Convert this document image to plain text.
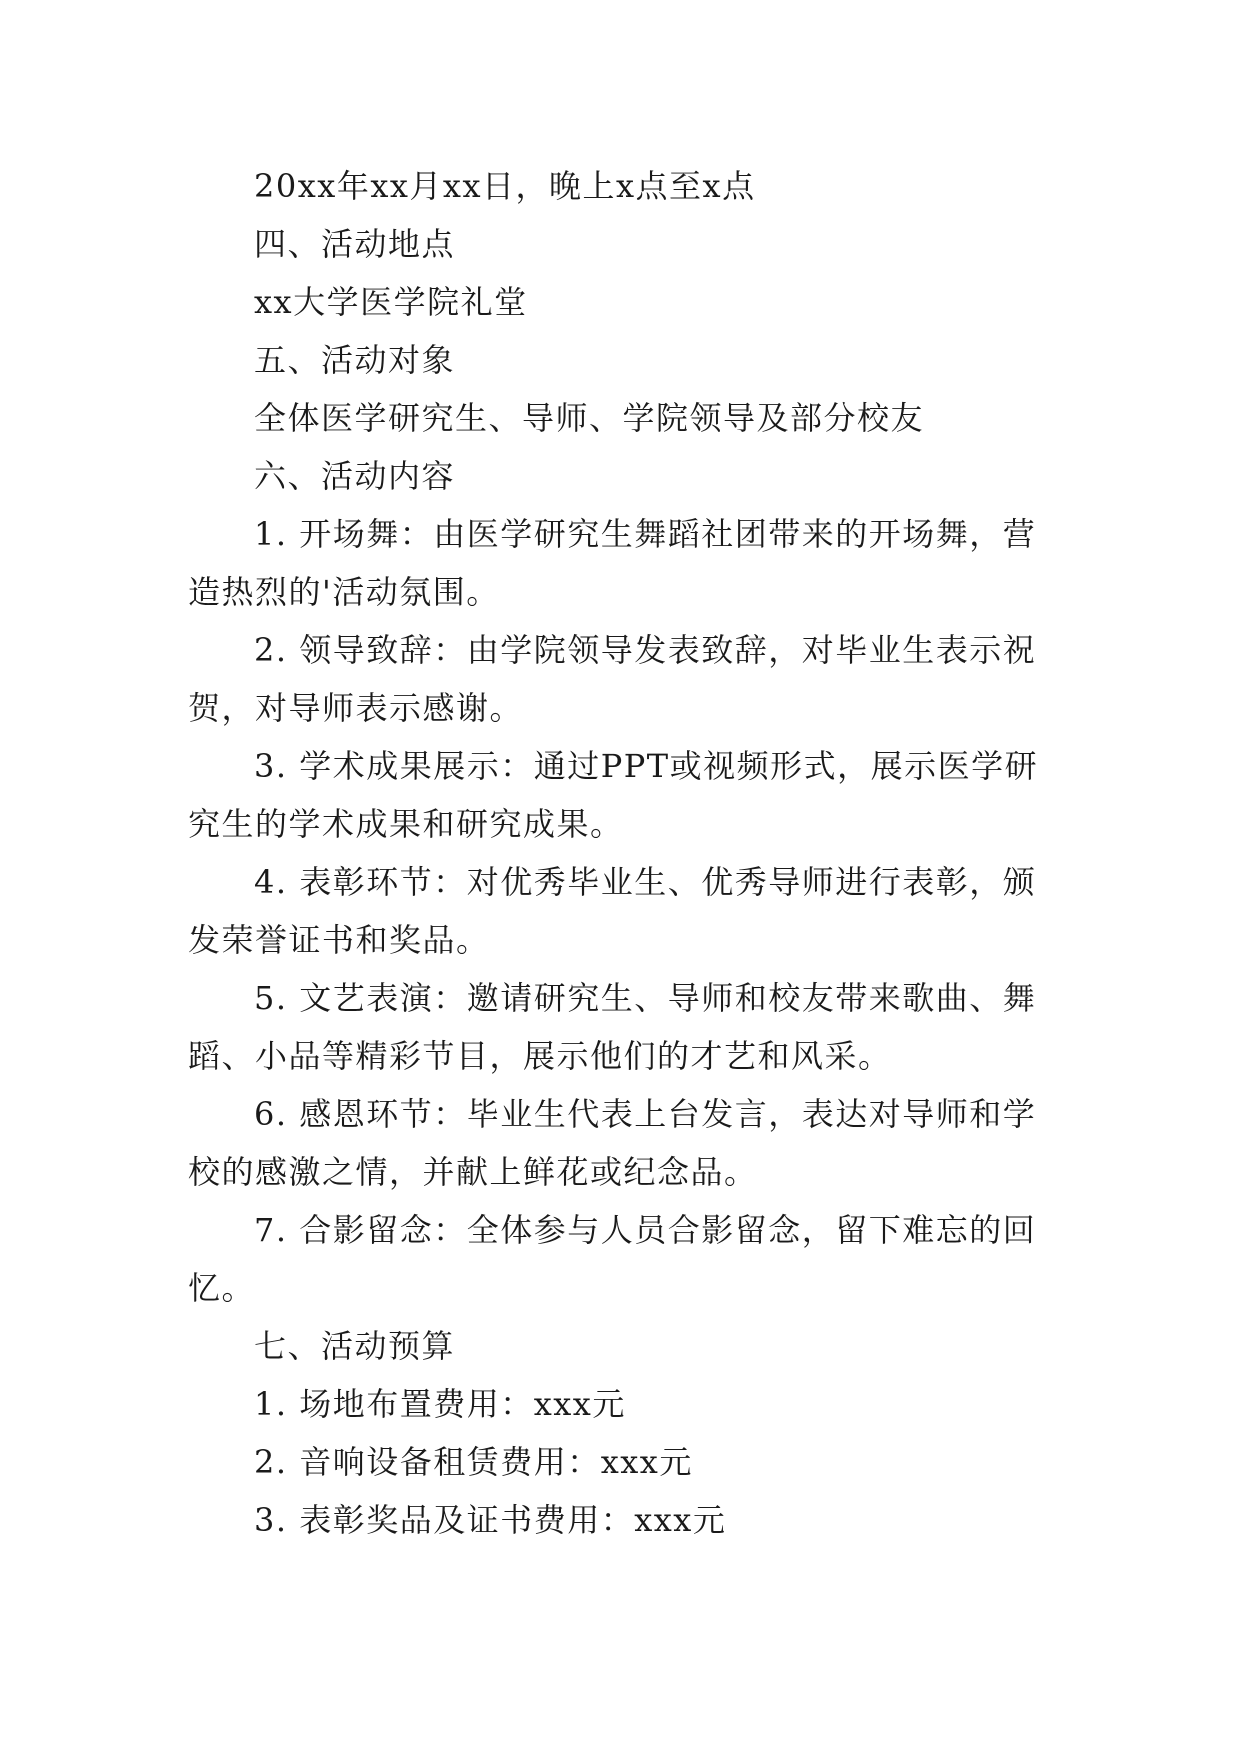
20xx年xx月xx日，晚上x点至x点
四、活动地点
xx大学医学院礼堂
五、活动对象
全体医学研究生、导师、学院领导及部分校友
六、活动内容
1. 开场舞：由医学研究生舞蹈社团带来的开场舞，营
造热烈的'活动氛围。
2. 领导致辞：由学院领导发表致辞，对毕业生表示祝
贺，对导师表示感谢。
3. 学术成果展示：通过PPT或视频形式，展示医学研
究生的学术成果和研究成果。
4. 表彰环节：对优秀毕业生、优秀导师进行表彰，颁
发荣誉证书和奖品。
5. 文艺表演：邀请研究生、导师和校友带来歌曲、舞
蹈、小品等精彩节目，展示他们的才艺和风采。
6. 感恩环节：毕业生代表上台发言，表达对导师和学
校的感激之情，并献上鲜花或纪念品。
7. 合影留念：全体参与人员合影留念，留下难忘的回
忆。
七、活动预算
1. 场地布置费用：xxx元
2. 音响设备租赁费用：xxx元
3. 表彰奖品及证书费用：xxx元
